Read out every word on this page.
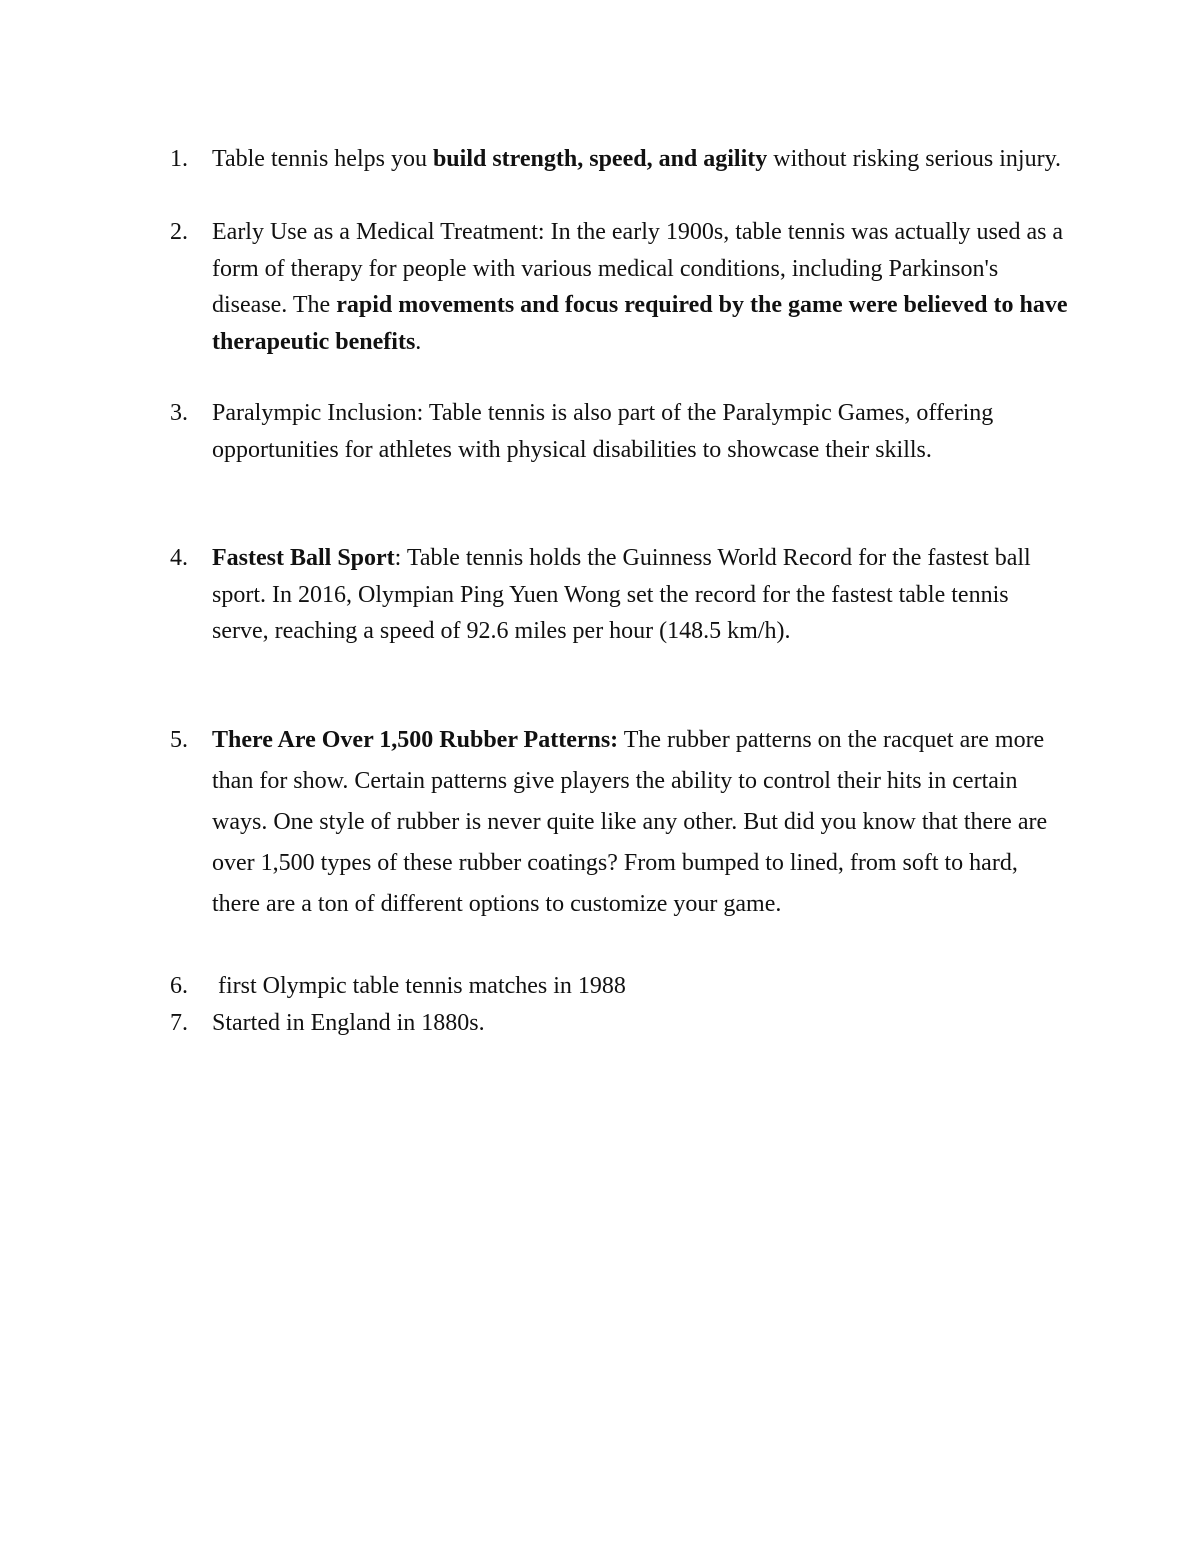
1.	Table tennis helps you build strength, speed, and agility without risking serious injury.
2.	Early Use as a Medical Treatment: In the early 1900s, table tennis was actually used as a form of therapy for people with various medical conditions, including Parkinson's disease. The rapid movements and focus required by the game were believed to have therapeutic benefits.
3.	Paralympic Inclusion: Table tennis is also part of the Paralympic Games, offering opportunities for athletes with physical disabilities to showcase their skills.
4.	Fastest Ball Sport: Table tennis holds the Guinness World Record for the fastest ball sport. In 2016, Olympian Ping Yuen Wong set the record for the fastest table tennis serve, reaching a speed of 92.6 miles per hour (148.5 km/h).
5.	There Are Over 1,500 Rubber Patterns: The rubber patterns on the racquet are more than for show. Certain patterns give players the ability to control their hits in certain ways. One style of rubber is never quite like any other. But did you know that there are over 1,500 types of these rubber coatings? From bumped to lined, from soft to hard, there are a ton of different options to customize your game.
6.	first Olympic table tennis matches in 1988
7.	Started in England in 1880s.
